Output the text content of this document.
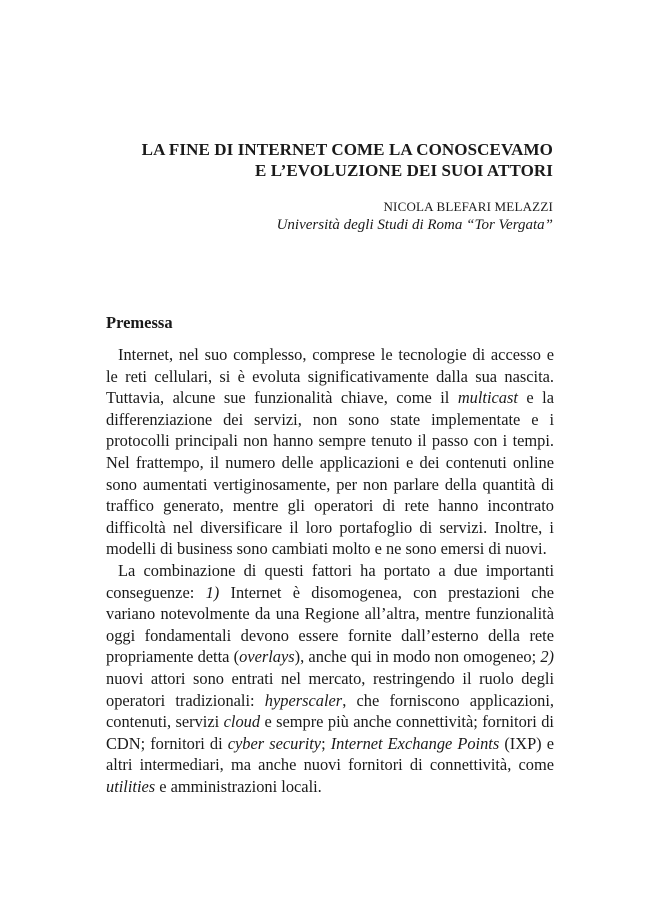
LA FINE DI INTERNET COME LA CONOSCEVAMO
E L’EVOLUZIONE DEI SUOI ATTORI
NICOLA BLEFARI MELAZZI
Università degli Studi di Roma “Tor Vergata”
Premessa

Internet, nel suo complesso, comprese le tecnologie di accesso e le reti cellulari, si è evoluta significativamente dalla sua nascita. Tuttavia, alcune sue funzionalità chiave, come il multicast e la differenziazione dei servizi, non sono state implementate e i protocolli principali non hanno sempre tenuto il passo con i tempi. Nel frattempo, il numero delle applicazioni e dei contenuti online sono aumentati vertiginosamente, per non parlare della quantità di traffico generato, mentre gli operatori di rete hanno incontrato difficoltà nel diversificare il loro portafoglio di servizi. Inoltre, i modelli di business sono cambiati molto e ne sono emersi di nuovi.

La combinazione di questi fattori ha portato a due importanti conseguenze: 1) Internet è disomogenea, con prestazioni che variano notevolmente da una Regione all’altra, mentre funzionalità oggi fondamentali devono essere fornite dall’esterno della rete propriamente detta (overlays), anche qui in modo non omogeneo; 2) nuovi attori sono entrati nel mercato, restringendo il ruolo degli operatori tradizionali: hyperscaler, che forniscono applicazioni, contenuti, servizi cloud e sempre più anche connettività; fornitori di CDN; fornitori di cyber security; Internet Exchange Points (IXP) e altri intermediari, ma anche nuovi fornitori di connettività, come utilities e amministrazioni locali.
